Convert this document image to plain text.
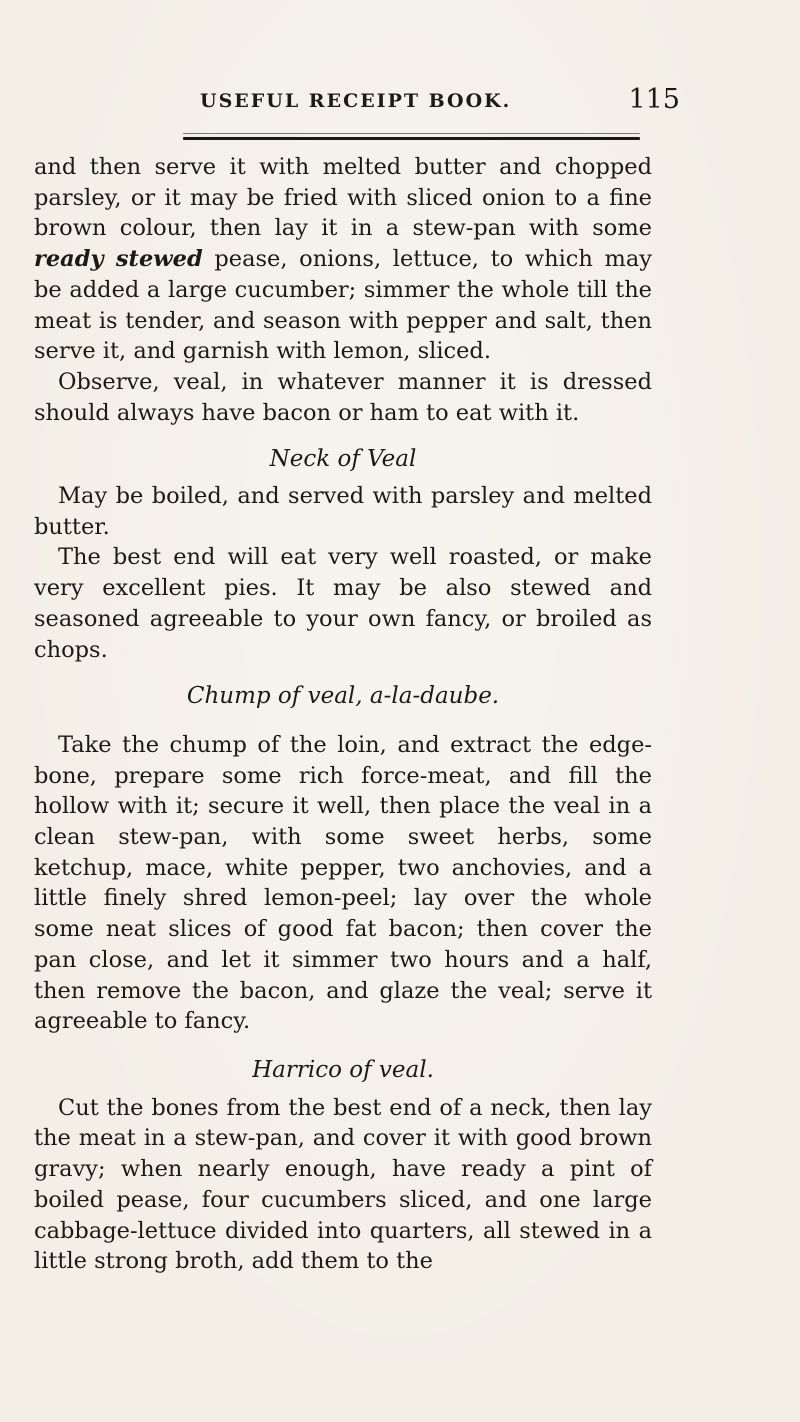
USEFUL RECEIPT BOOK.	115

and then serve it with melted butter and chopped parsley, or it may be fried with sliced onion to a fine brown colour, then lay it in a stew-pan with some ready stewed pease, onions, lettuce, to which may be added a large cucumber; simmer the whole till the meat is tender, and season with pepper and salt, then serve it, and garnish with lemon, sliced.

Observe, veal, in whatever manner it is dressed should always have bacon or ham to eat with it.

Neck of Veal

May be boiled, and served with parsley and melted butter.

The best end will eat very well roasted, or make very excellent pies. It may be also stewed and seasoned agreeable to your own fancy, or broiled as chops.

Chump of veal, a-la-daube.

Take the chump of the loin, and extract the edge-bone, prepare some rich force-meat, and fill the hollow with it; secure it well, then place the veal in a clean stew-pan, with some sweet herbs, some ketchup, mace, white pepper, two anchovies, and a little finely shred lemon-peel; lay over the whole some neat slices of good fat bacon; then cover the pan close, and let it simmer two hours and a half, then remove the bacon, and glaze the veal; serve it agreeable to fancy.

Harrico of veal.

Cut the bones from the best end of a neck, then lay the meat in a stew-pan, and cover it with good brown gravy; when nearly enough, have ready a pint of boiled pease, four cucumbers sliced, and one large cabbage-lettuce divided into quarters, all stewed in a little strong broth, add them to the
